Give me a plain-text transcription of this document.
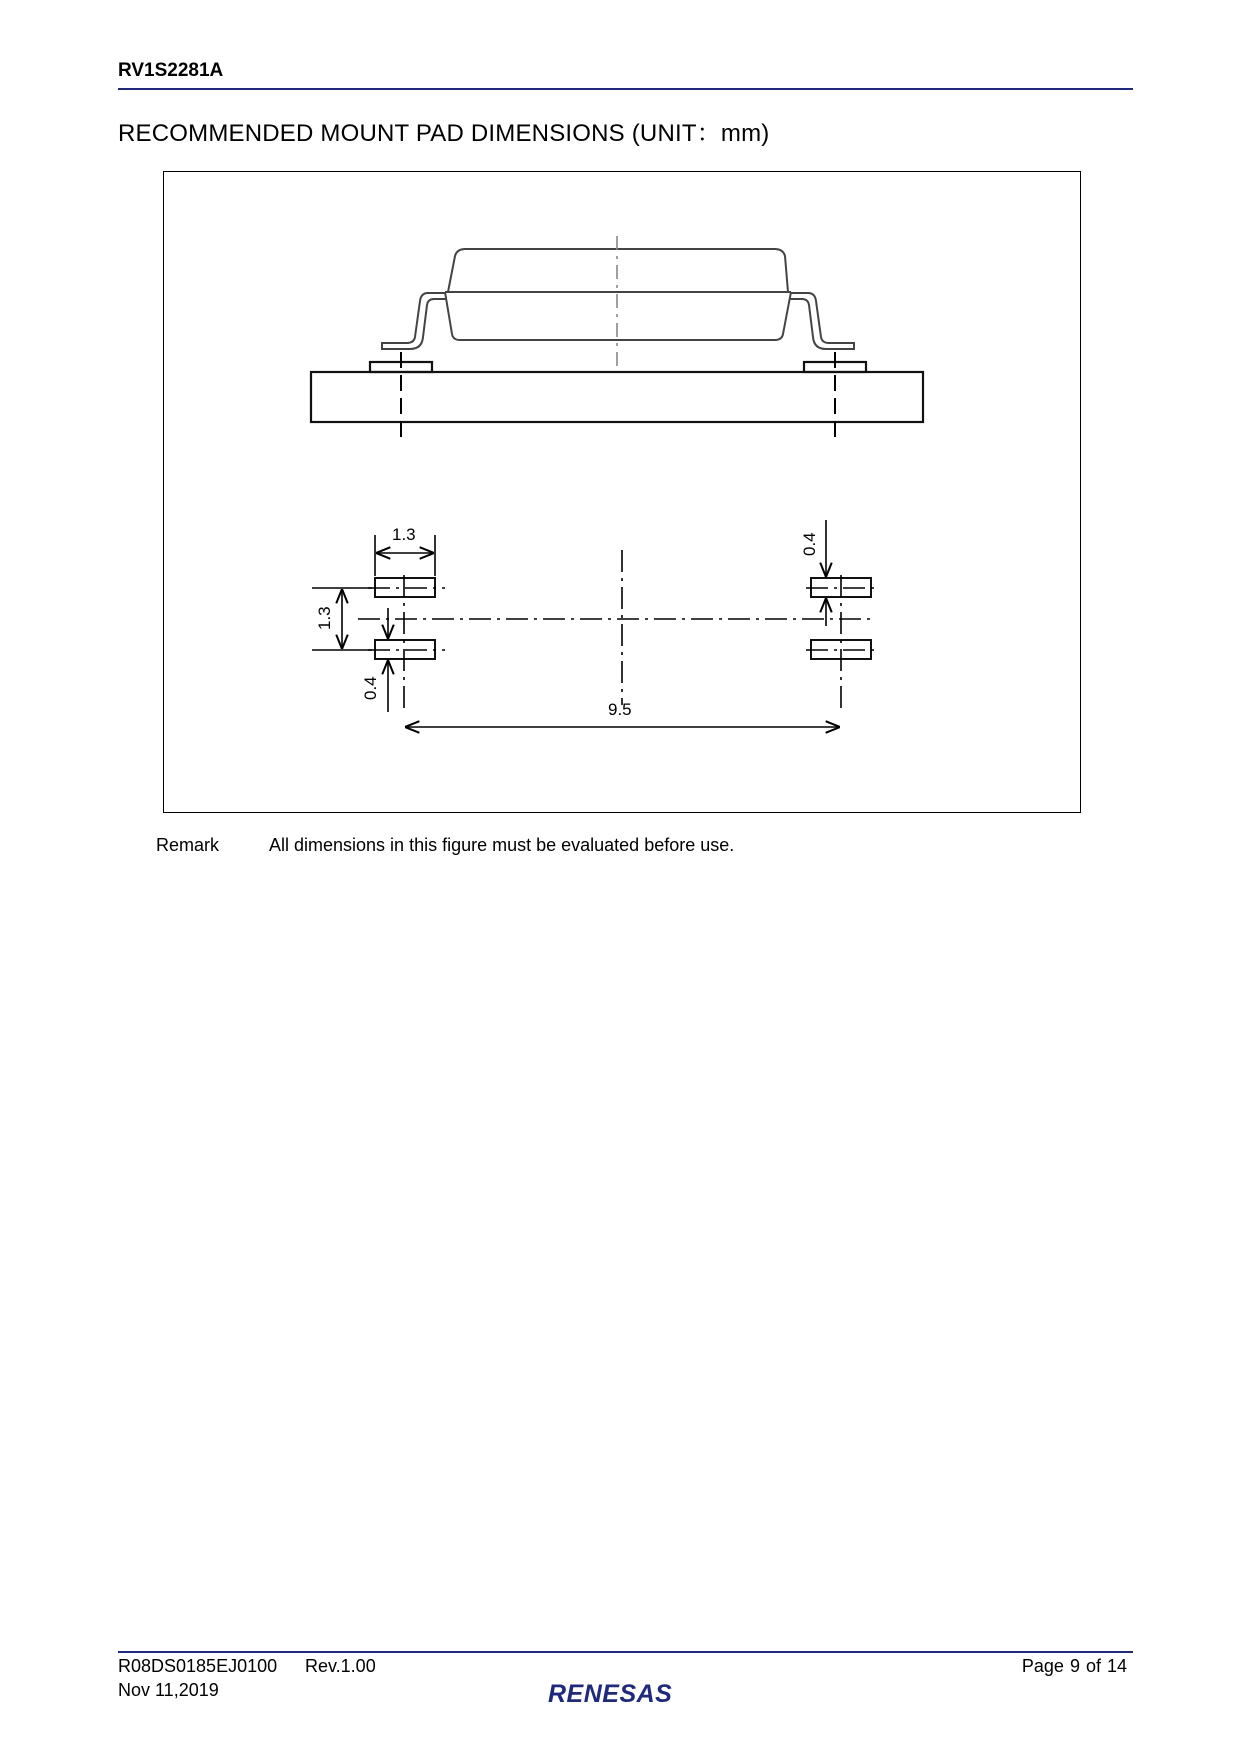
RV1S2281A
RECOMMENDED MOUNT PAD DIMENSIONS (UNIT：mm)
1.3
1.3
0.4
0.4
9.5
Remark	All dimensions in this figure must be evaluated before use.
R08DS0185EJ0100 Rev.1.00
Nov 11,2019
Page 9 of 14
RENESAS
